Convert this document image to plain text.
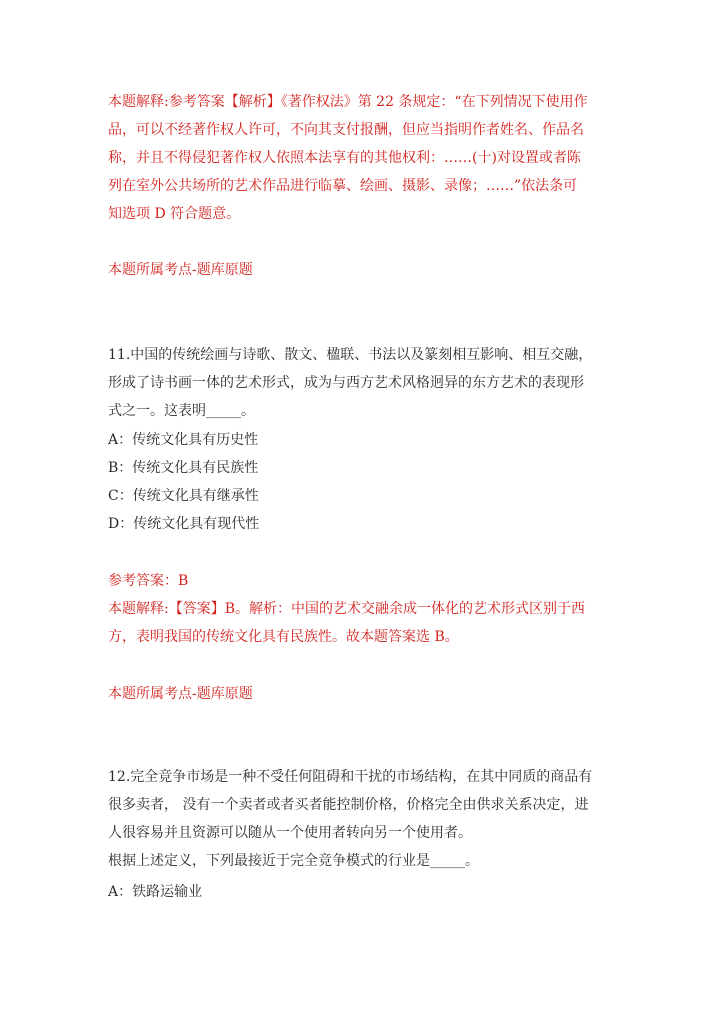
本题解释:参考答案【解析】《著作权法》第 22 条规定：“在下列情况下使用作
品，可以不经著作权人许可，不向其支付报酬，但应当指明作者姓名、作品名
称，并且不得侵犯著作权人依照本法享有的其他权利：……(十)对设置或者陈
列在室外公共场所的艺术作品进行临摹、绘画、摄影、录像；……”依法条可
知选项 D 符合题意。
本题所属考点-题库原题
11.中国的传统绘画与诗歌、散文、楹联、书法以及篆刻相互影响、相互交融，
形成了诗书画一体的艺术形式，成为与西方艺术风格迥异的东方艺术的表现形
式之一。这表明_____。
A：传统文化具有历史性
B：传统文化具有民族性
C：传统文化具有继承性
D：传统文化具有现代性
参考答案：B
本题解释:【答案】B。解析：中国的艺术交融余成一体化的艺术形式区别于西
方，表明我国的传统文化具有民族性。故本题答案选 B。
本题所属考点-题库原题
12.完全竞争市场是一种不受任何阻碍和干扰的市场结构，在其中同质的商品有
很多卖者， 没有一个卖者或者买者能控制价格，价格完全由供求关系决定，进
人很容易并且资源可以随从一个使用者转向另一个使用者。
根据上述定义，下列最接近于完全竞争模式的行业是_____。
A：铁路运输业
